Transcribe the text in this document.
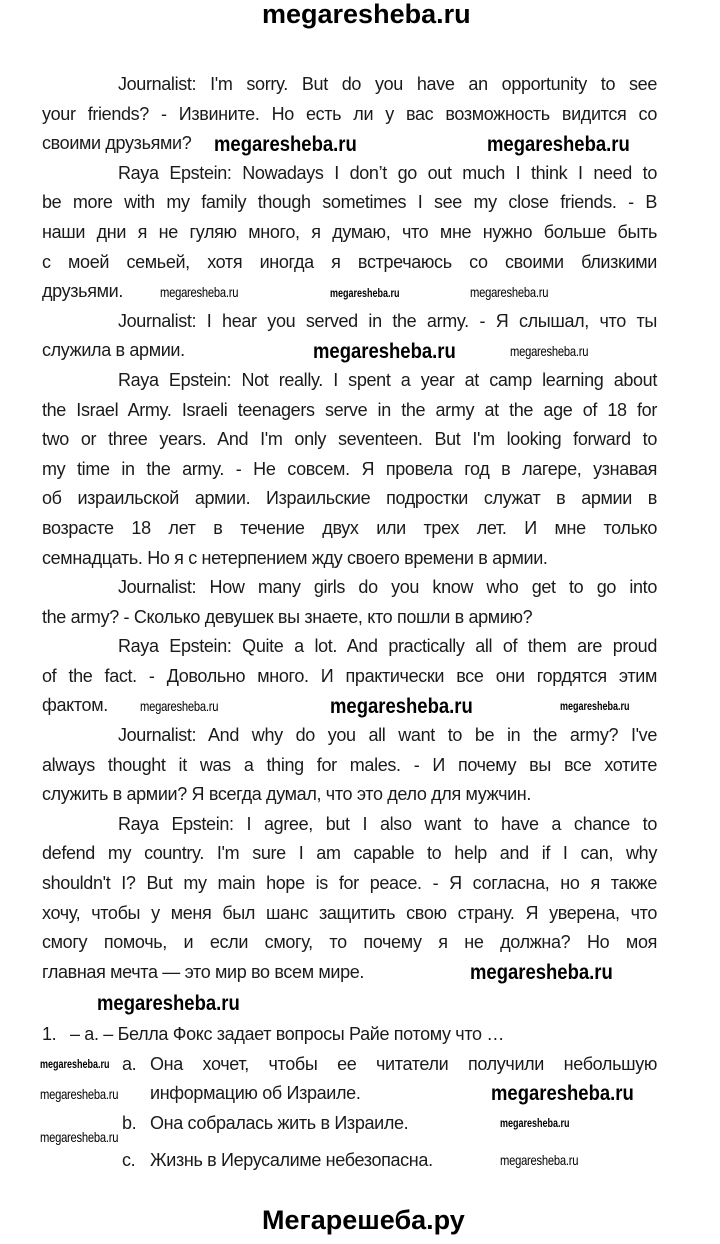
megaresheba.ru
Journalist: I'm sorry. But do you have an opportunity to see
your friends? - Извините. Но есть ли у вас возможность видится со
своими друзьями?
Raya Epstein: Nowadays I don’t go out much I think I need to
be more with my family though sometimes I see my close friends. - В
наши дни я не гуляю много, я думаю, что мне нужно больше быть
с моей семьей, хотя иногда я встречаюсь со своими близкими
друзьями.
Journalist: I hear you served in the army. - Я слышал, что ты
служила в армии.
Raya Epstein: Not really. I spent a year at camp learning about
the Israel Army. Israeli teenagers serve in the army at the age of 18 for
two or three years. And I'm only seventeen. But I'm looking forward to
my time in the army. - Не совсем. Я провела год в лагере, узнавая
об израильской армии. Израильские подростки служат в армии в
возрасте 18 лет в течение двух или трех лет. И мне только
семнадцать. Но я с нетерпением жду своего времени в армии.
Journalist: How many girls do you know who get to go into
the army? - Сколько девушек вы знаете, кто пошли в армию?
Raya Epstein: Quite a lot. And practically all of them are proud
of the fact. - Довольно много. И практически все они гордятся этим
фактом.
Journalist: And why do you all want to be in the army? I've
always thought it was a thing for males. - И почему вы все хотите
служить в армии? Я всегда думал, что это дело для мужчин.
Raya Epstein: I agree, but I also want to have a chance to
defend my country. I'm sure I am capable to help and if I can, why
shouldn't I? But my main hope is for peace. - Я согласна, но я также
хочу, чтобы у меня был шанс защитить свою страну. Я уверена, что
смогу помочь, и если смогу, то почему я не должна? Но моя
главная мечта — это мир во всем мире.
1. – а. – Белла Фокс задает вопросы Райе потому что …
a. Она хочет, чтобы ее читатели получили небольшую
информацию об Израиле.
b. Она собралась жить в Израиле.
c. Жизнь в Иерусалиме небезопасна.
megaresheba.ru	megaresheba.ru
megaresheba.ru	megaresheba.ru	megaresheba.ru
megaresheba.ru	megaresheba.ru
megaresheba.ru	megaresheba.ru	megaresheba.ru
megaresheba.ru
megaresheba.ru
megaresheba.ru
megaresheba.ru	megaresheba.ru
megaresheba.ru
megaresheba.ru
megaresheba.ru
Мегарешеба.ру
